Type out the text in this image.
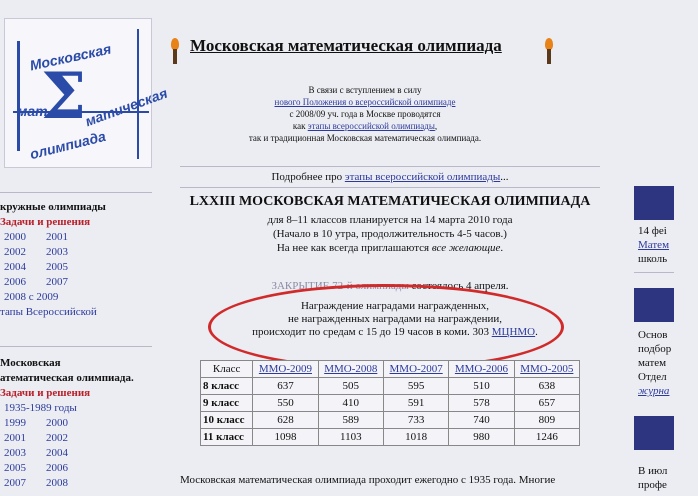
Московская
Σ
мат	матическая
олимпиада
кружные олимпиады
Задачи и решения
2000	2001
2002	2003
2004	2005
2006	2007
2008 с 2009
тапы Всероссийской
Московская
атематическая олимпиада.
Задачи и решения
1935-1989 годы
1999	2000
2001	2002
2003	2004
2005	2006
2007	2008
Московская математическая олимпиада
В связи с вступлением в силу
нового Положения о всероссийской олимпиаде
с 2008/09 уч. года в Москве проводятся
как этапы всероссийской олимпиады,
так и традиционная Московская математическая олимпиада.
Подробнее про этапы всероссийской олимпиады...
LXXIII МОСКОВСКАЯ МАТЕМАТИЧЕСКАЯ ОЛИМПИАДА

для 8–11 классов планируется на 14 марта 2010 года

(Начало в 10 утра, продолжительность 4-5 часов.)

На нее как всегда приглашаются все желающие.

ЗАКРЫТИЕ 72-й олимпиады состоялось 4 апреля.
Награждение наградами награжденных,
не награжденных наградами на награждении,
происходит по средам с 15 до 19 часов в коми. 303 МЦНМО.
Класс	ММО-2009	ММО-2008	ММО-2007	ММО-2006	ММО-2005
8 класс	637	505	595	510	638
9 класс	550	410	591	578	657
10 класс	628	589	733	740	809
11 класс	1098	1103	1018	980	1246
Московская математическая олимпиада проходит ежегодно с 1935 года. Многие
14 феі
Матем
школь
Основ
подбор
матем
Отдел
журна
В июл
профе
